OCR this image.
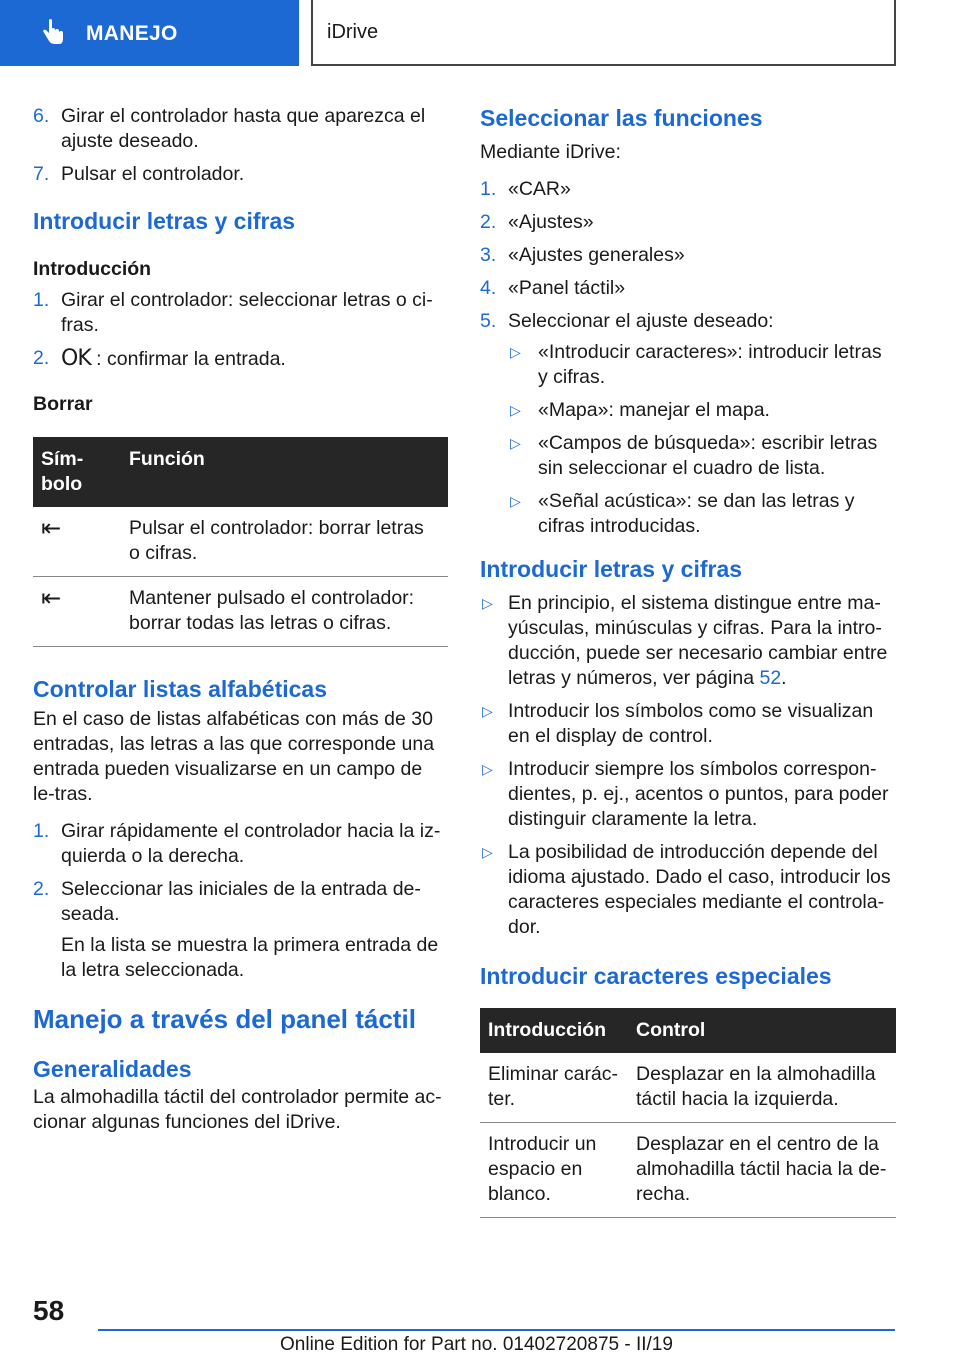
MANEJO	iDrive
6. Girar el controlador hasta que aparezca el ajuste deseado.
7. Pulsar el controlador.
Introducir letras y cifras
Introducción
1. Girar el controlador: seleccionar letras o ci-fras.
2. OK : confirmar la entrada.
Borrar
Sím-bolo	Función
⇤	Pulsar el controlador: borrar letras o cifras.
⇤	Mantener pulsado el controlador: borrar todas las letras o cifras.
Controlar listas alfabéticas

En el caso de listas alfabéticas con más de 30 entradas, las letras a las que corresponde una entrada pueden visualizarse en un campo de le-tras.

1. Girar rápidamente el controlador hacia la iz-quierda o la derecha.
2. Seleccionar las iniciales de la entrada de-seada.
En la lista se muestra la primera entrada de la letra seleccionada.
Manejo a través del panel táctil
Generalidades

La almohadilla táctil del controlador permite ac-cionar algunas funciones del iDrive.

Seleccionar las funciones

Mediante iDrive:

1. «CAR»
2. «Ajustes»
3. «Ajustes generales»
4. «Panel táctil»
5. Seleccionar el ajuste deseado:
▷ «Introducir caracteres»: introducir letras y cifras.
▷ «Mapa»: manejar el mapa.
▷ «Campos de búsqueda»: escribir letras sin seleccionar el cuadro de lista.
▷ «Señal acústica»: se dan las letras y cifras introducidas.
Introducir letras y cifras
▷ En principio, el sistema distingue entre ma-yúsculas, minúsculas y cifras. Para la intro-ducción, puede ser necesario cambiar entre letras y números, ver página 52.
▷ Introducir los símbolos como se visualizan en el display de control.
▷ Introducir siempre los símbolos correspon-dientes, p. ej., acentos o puntos, para poder distinguir claramente la letra.
▷ La posibilidad de introducción depende del idioma ajustado. Dado el caso, introducir los caracteres especiales mediante el controla-dor.
Introducir caracteres especiales
Introducción	Control
Eliminar carác-ter.	Desplazar en la almohadilla táctil hacia la izquierda.
Introducir un espacio en blanco.	Desplazar en el centro de la almohadilla táctil hacia la de-recha.
58
Online Edition for Part no. 01402720875 - II/19
